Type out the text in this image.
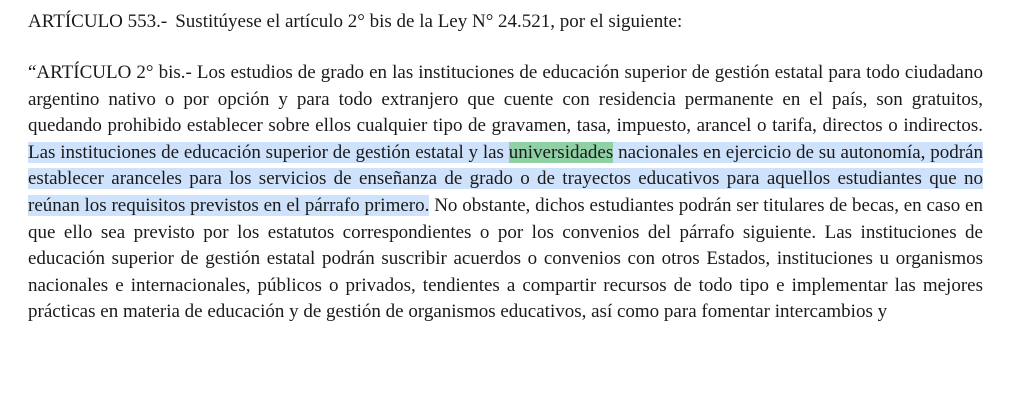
ARTÍCULO 553.- Sustitúyese el artículo 2° bis de la Ley N° 24.521, por el siguiente:
“ARTÍCULO 2° bis.- Los estudios de grado en las instituciones de educación superior de gestión estatal para todo ciudadano argentino nativo o por opción y para todo extranjero que cuente con residencia permanente en el país, son gratuitos, quedando prohibido establecer sobre ellos cualquier tipo de gravamen, tasa, impuesto, arancel o tarifa, directos o indirectos. Las instituciones de educación superior de gestión estatal y las universidades nacionales en ejercicio de su autonomía, podrán establecer aranceles para los servicios de enseñanza de grado o de trayectos educativos para aquellos estudiantes que no reúnan los requisitos previstos en el párrafo primero. No obstante, dichos estudiantes podrán ser titulares de becas, en caso en que ello sea previsto por los estatutos correspondientes o por los convenios del párrafo siguiente. Las instituciones de educación superior de gestión estatal podrán suscribir acuerdos o convenios con otros Estados, instituciones u organismos nacionales e internacionales, públicos o privados, tendientes a compartir recursos de todo tipo e implementar las mejores prácticas en materia de educación y de gestión de organismos educativos, así como para fomentar intercambios y
